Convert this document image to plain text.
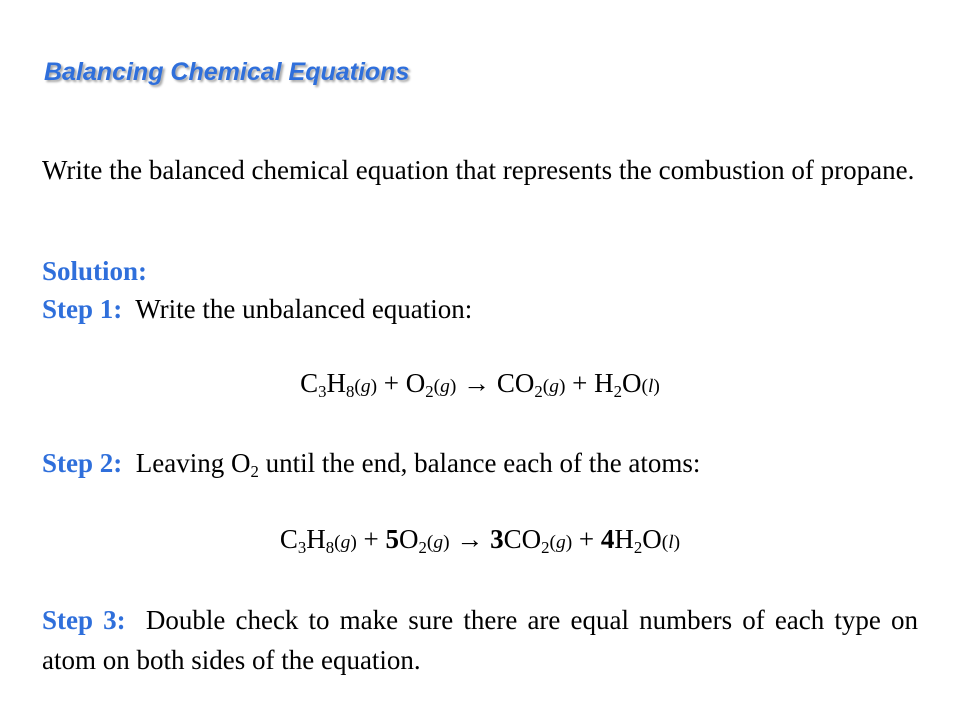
Balancing Chemical Equations
Write the balanced chemical equation that represents the combustion of propane.
Solution:
Step 1: Write the unbalanced equation:
$C_3H_8(g) + O_2(g) \to CO_2(g) + H_2O(l)$
Step 2: Leaving $O_2$ until the end, balance each of the atoms:
$C_3H_8(g) + 5O_2(g) \to 3CO_2(g) + 4H_2O(l)$
Step 3: Double check to make sure there are equal numbers of each type on atom on both sides of the equation.
